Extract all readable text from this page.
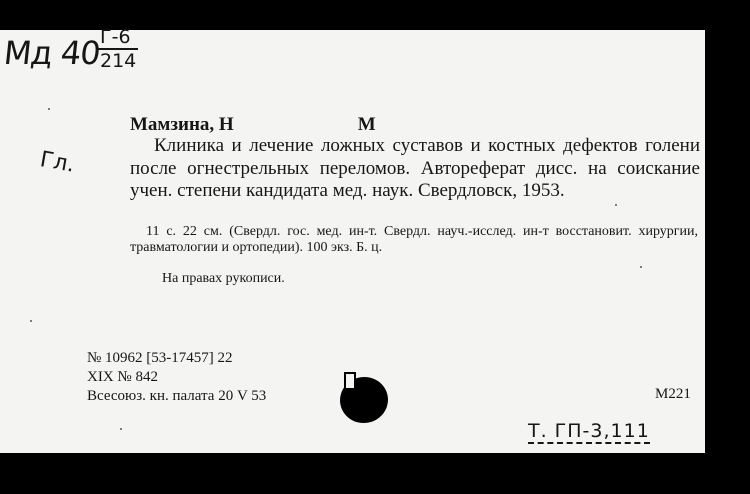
Мд 40
Г-6
214
Гл.
Мамзина, Н	М
Клиника и лечение ложных суставов и костных дефектов голени после огнестрельных переломов. Автореферат дисс. на соискание учен. степени кандидата мед. наук. Свердловск, 1953.
11 с. 22 см. (Свердл. гос. мед. ин-т. Свердл. науч.-исслед. ин-т восстановит. хирургии, травматологии и ортопедии). 100 экз. Б. ц.
На правах рукописи.
№ 10962 [53-17457] 22
XIX № 842
Всесоюз. кн. палата 20 V 53	M221
Т. ГП-3,111
